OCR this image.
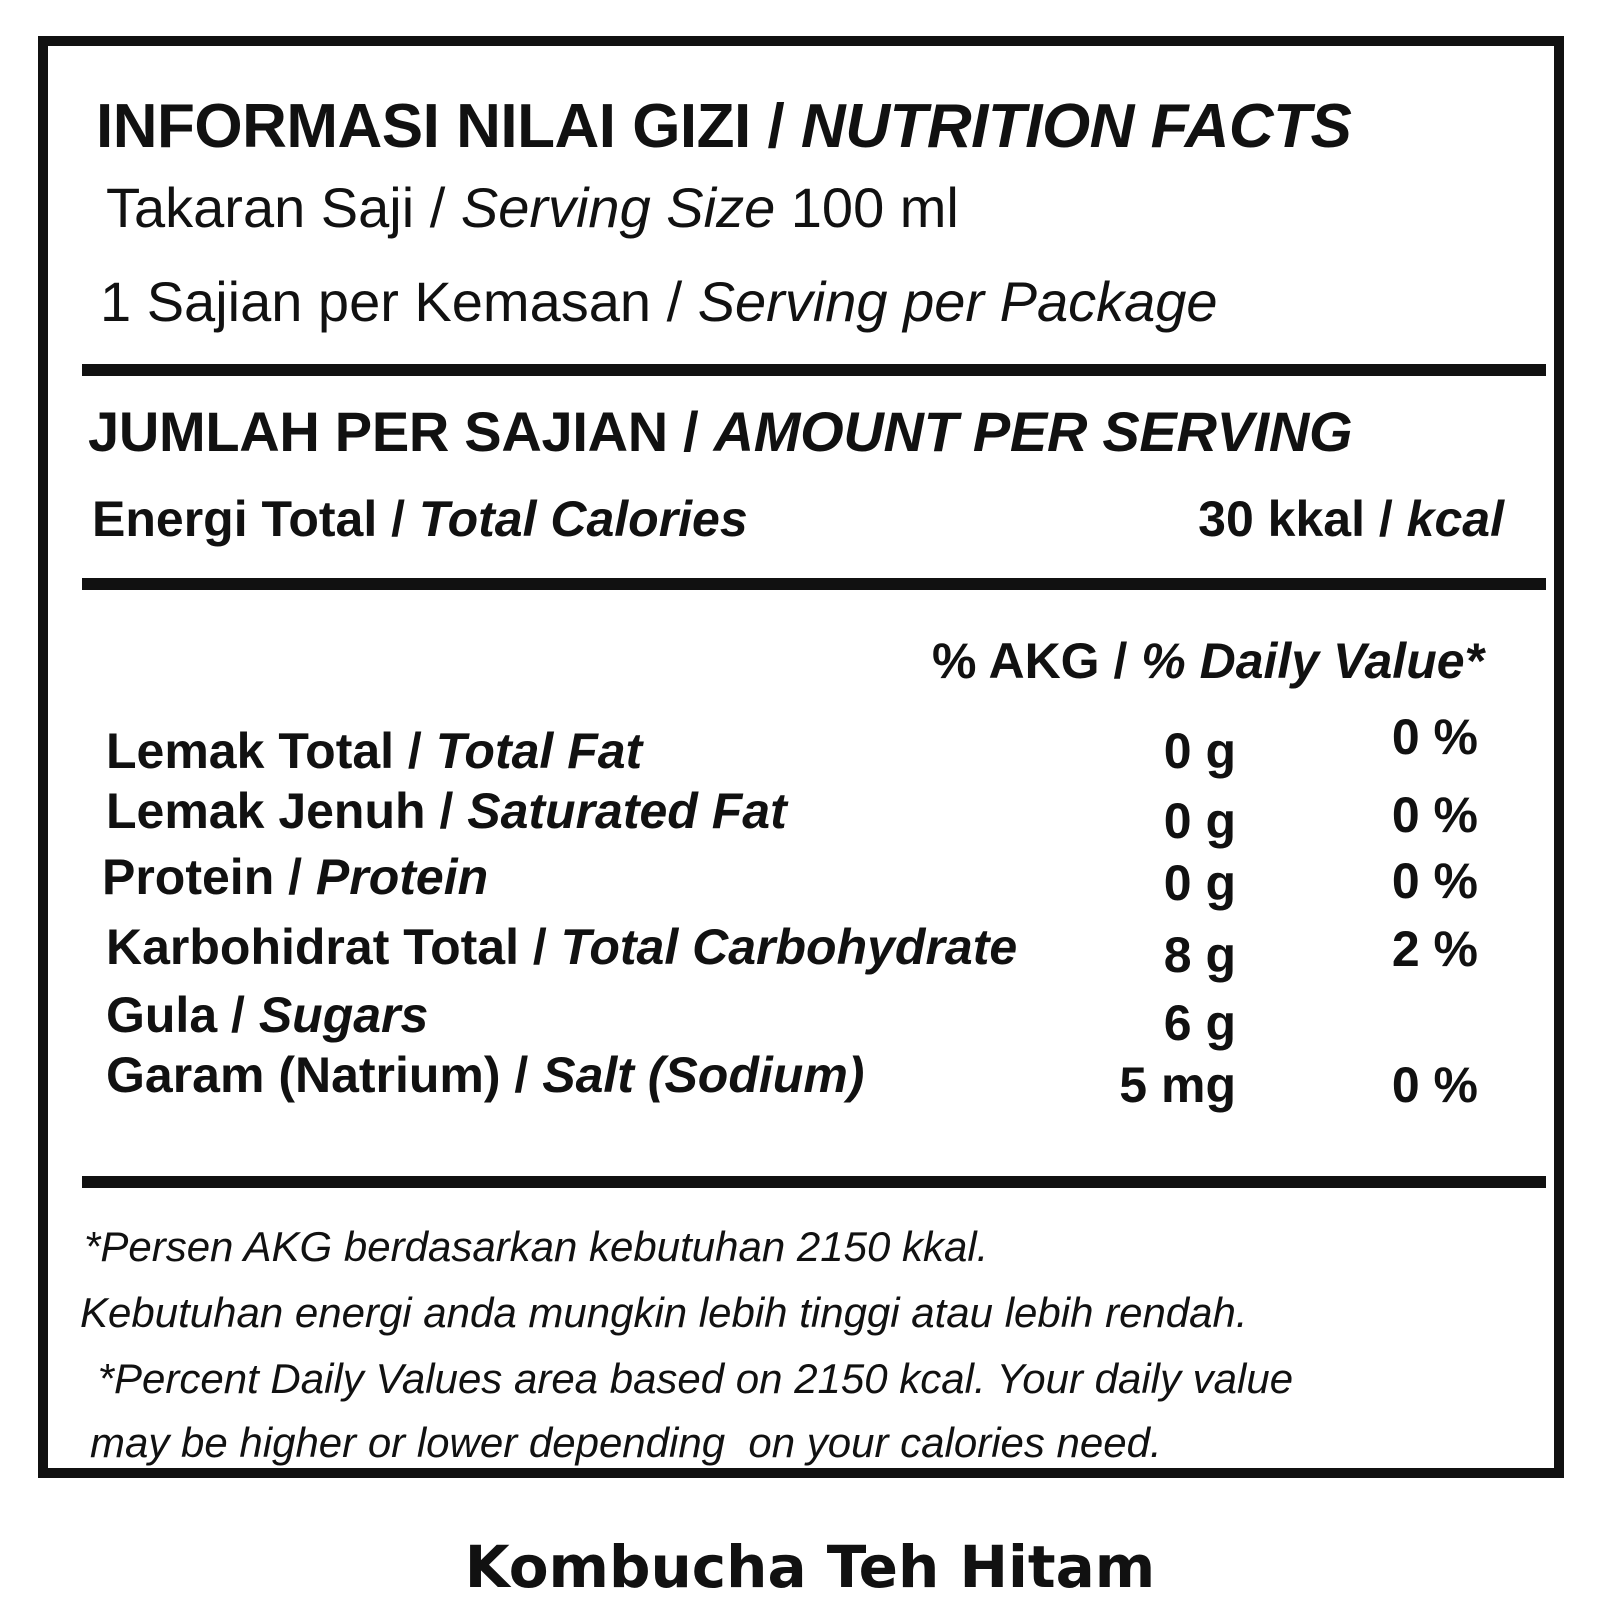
INFORMASI NILAI GIZI / NUTRITION FACTS
Takaran Saji / Serving Size 100 ml
1 Sajian per Kemasan / Serving per Package
JUMLAH PER SAJIAN / AMOUNT PER SERVING
Energi Total / Total Calories	30 kkal / kcal
% AKG / % Daily Value*
Lemak Total / Total Fat	0 g	0 %
Lemak Jenuh / Saturated Fat	0 g	0 %
Protein / Protein	0 g	0 %
Karbohidrat Total / Total Carbohydrate	8 g	2 %
Gula / Sugars	6 g
Garam (Natrium) / Salt (Sodium)	5 mg	0 %
*Persen AKG berdasarkan kebutuhan 2150 kkal.
Kebutuhan energi anda mungkin lebih tinggi atau lebih rendah.
*Percent Daily Values area based on 2150 kcal. Your daily value
may be higher or lower depending  on your calories need.
Kombucha Teh Hitam
